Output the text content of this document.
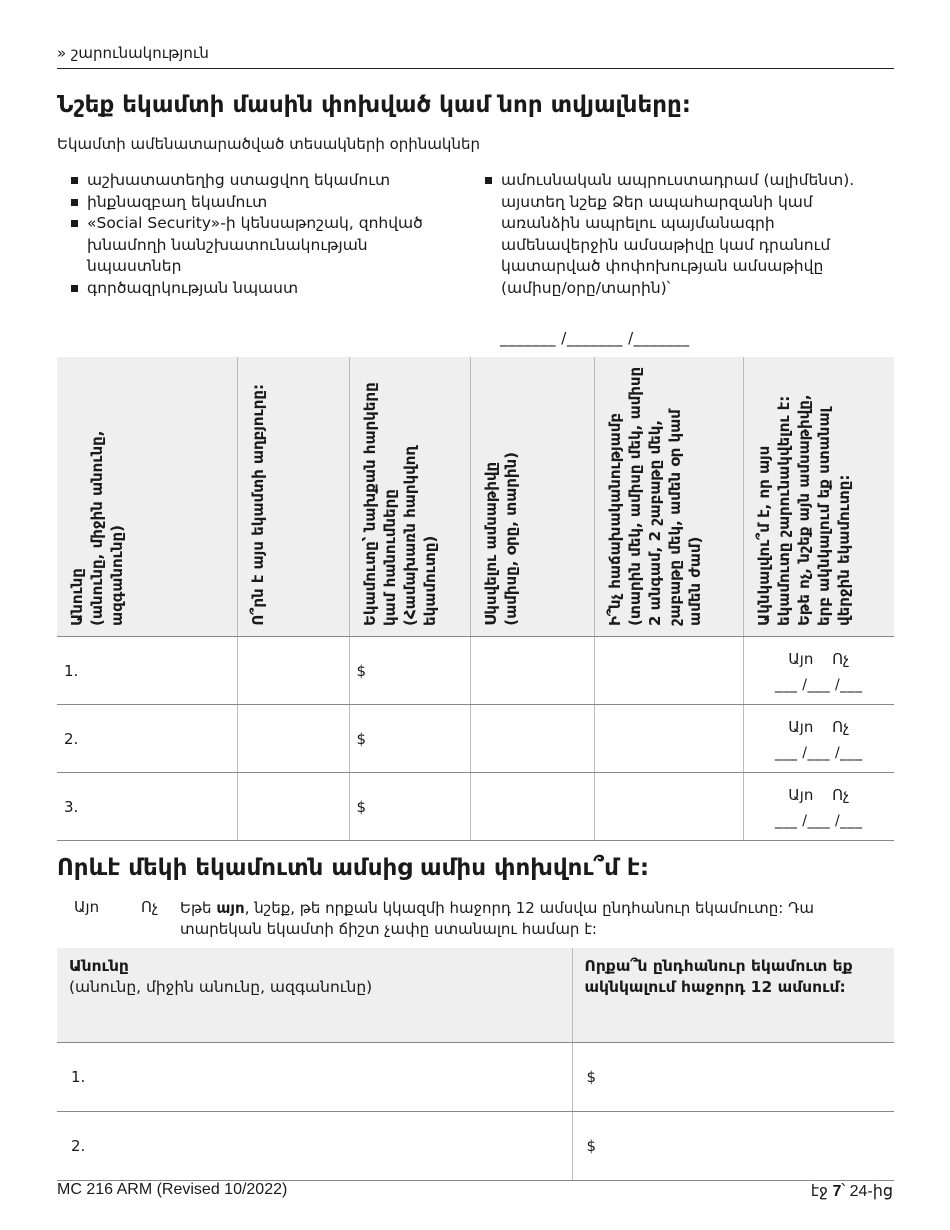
» շարունակություն
Նշեք եկամտի մասին փոխված կամ նոր տվյալները:
Եկամտի ամենատարածված տեսակների օրինակներ
աշխատատեղից ստացվող եկամուտ
ինքնազբաղ եկամուտ
«Social Security»-ի կենսաթոշակ, զոհված խնամողի նանշխատունակության նպաստներ
գործազրկության նպաստ
ամուսնական ապրուստադրամ (ալիմենտ). այստեղ նշեք Ձեր ապահարզանի կամ առանձին ապրելու պայմանագրի ամենավերջին ամսաթիվը կամ դրանում կատարված փոփոխության ամսաթիվը (ամիսը/օրը/տարին)՝
_______ /_______ /_______
Անունը (անունը, միջին անունը, ազգանունը)	Ո՞րն է այս եկամտի աղբյուրը:	Եկամուտը՝ նախքան հարկերը կամ հանումները (Համախառն հարկվող եկամուտը)	Սկսվելու ամսաթիվը (ամիսը, օրը, տարին)	Ի՞նչ հաճախականությամբ (տարին մեկ, ամիսը մեկ, ամիսը 2 անգամ, 2 շաբաթը մեկ, շաբաթը մեկ, ամեն օր կամ ամեն ժամ)	Ակնկալվու՞մ է, որ այս եկամուտը շարունակվելու է: Եթե ոչ, նշեք այն ամսաթիվը, երբ ակնկալում եք ստանալ վերջին եկամուտը:

1.		$			Այո Ոչ
___ /___ /___

2.		$			Այո Ոչ
___ /___ /___

3.		$			Այո Ոչ
___ /___ /___
Որևէ մեկի եկամուտն ամսից ամիս փոխվու՞մ է:
Այո	Ոչ Եթե այո, նշեք, թե որքան կկազմի հաջորդ 12 ամսվա ընդհանուր եկամուտը: Դա տարեկան եկամտի ճիշտ չափը ստանալու համար է:
Անունը
(անունը, միջին անունը, ազգանունը)	Որքա՞ն ընդհանուր եկամուտ եք ակնկալում հաջորդ 12 ամսում:
1.	$
2.	$
MC 216 ARM (Revised 10/2022)	էջ 7՝ 24-ից
